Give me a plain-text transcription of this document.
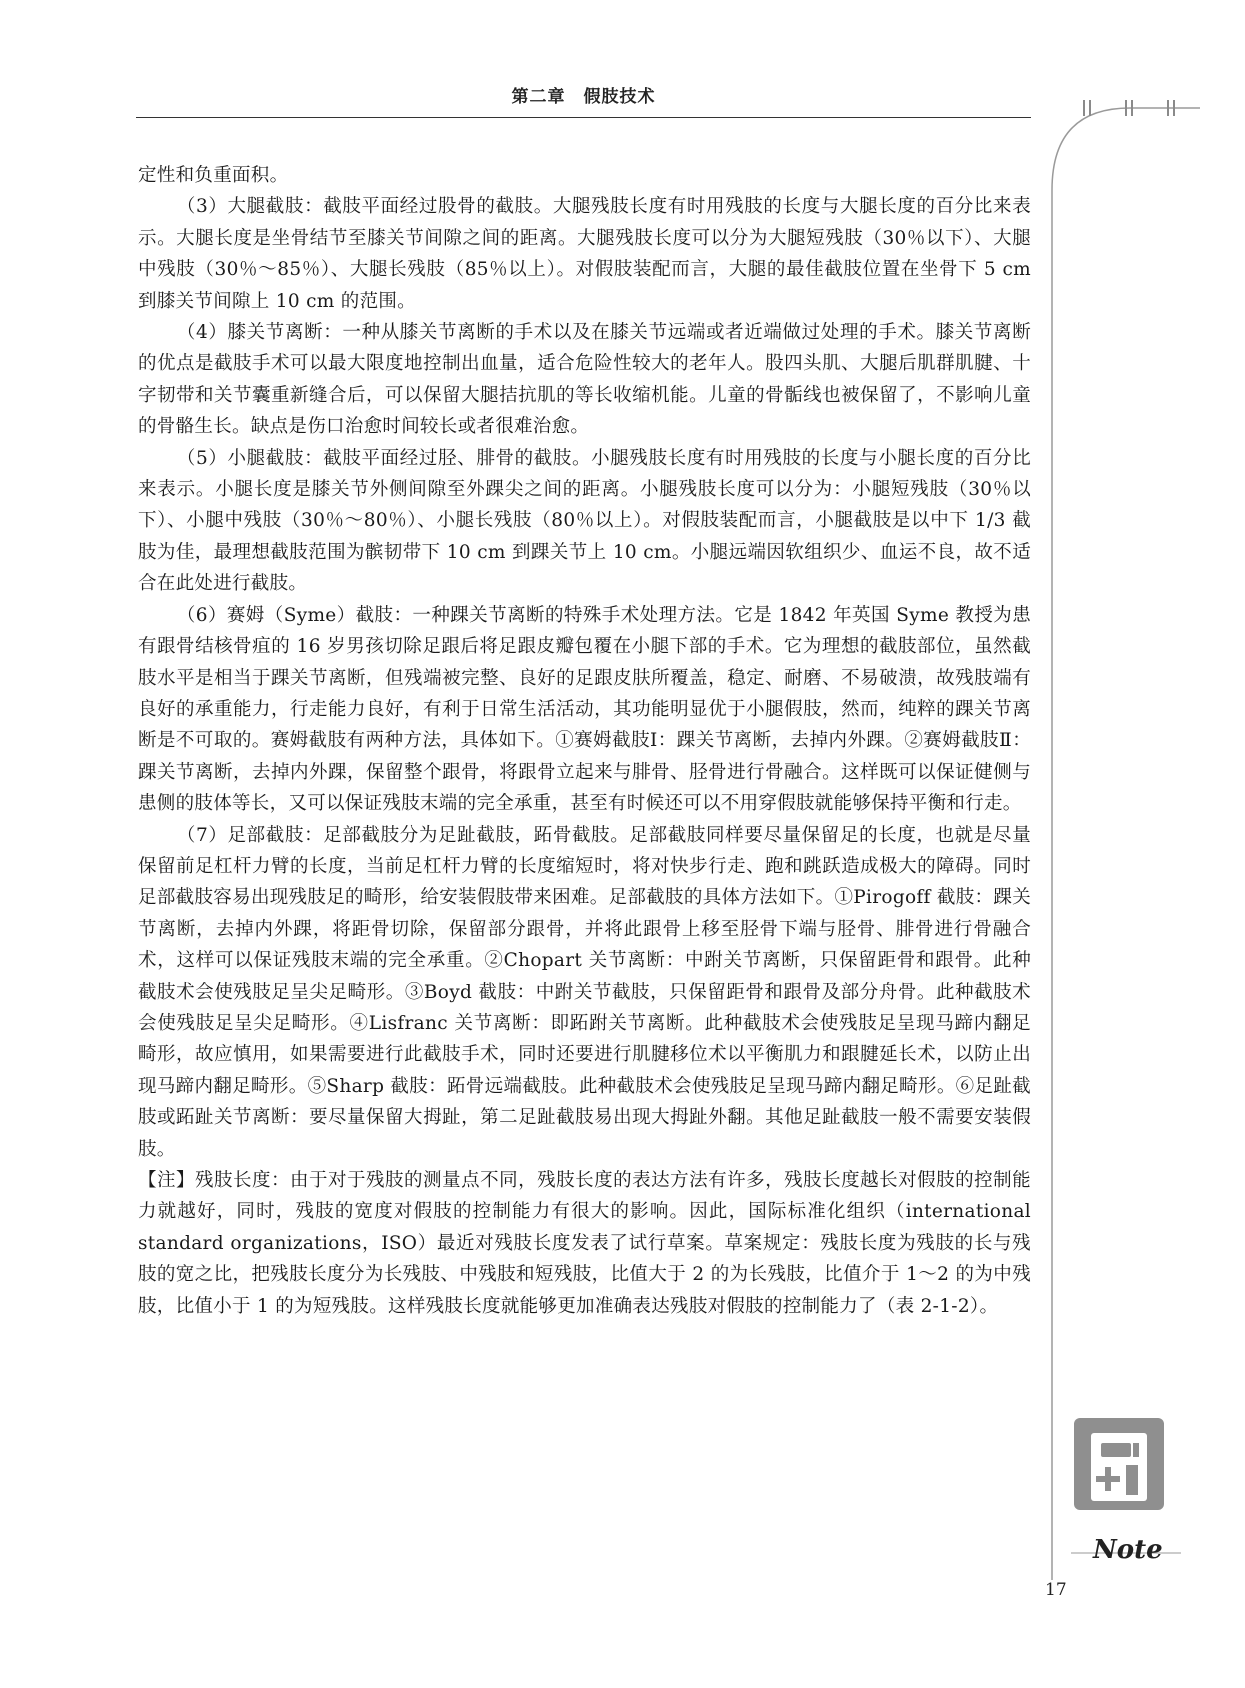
第二章　假肢技术

定性和负重面积。

（3）大腿截肢：截肢平面经过股骨的截肢。大腿残肢长度有时用残肢的长度与大腿长度的百分比来表示。大腿长度是坐骨结节至膝关节间隙之间的距离。大腿残肢长度可以分为大腿短残肢（30％以下）、大腿中残肢（30％～85％）、大腿长残肢（85％以上）。对假肢装配而言，大腿的最佳截肢位置在坐骨下 5 cm 到膝关节间隙上 10 cm 的范围。

（4）膝关节离断：一种从膝关节离断的手术以及在膝关节远端或者近端做过处理的手术。膝关节离断的优点是截肢手术可以最大限度地控制出血量，适合危险性较大的老年人。股四头肌、大腿后肌群肌腱、十字韧带和关节囊重新缝合后，可以保留大腿拮抗肌的等长收缩机能。儿童的骨骺线也被保留了，不影响儿童的骨骼生长。缺点是伤口治愈时间较长或者很难治愈。

（5）小腿截肢：截肢平面经过胫、腓骨的截肢。小腿残肢长度有时用残肢的长度与小腿长度的百分比来表示。小腿长度是膝关节外侧间隙至外踝尖之间的距离。小腿残肢长度可以分为：小腿短残肢（30％以下）、小腿中残肢（30％～80％）、小腿长残肢（80％以上）。对假肢装配而言，小腿截肢是以中下 1/3 截肢为佳，最理想截肢范围为髌韧带下 10 cm 到踝关节上 10 cm。小腿远端因软组织少、血运不良，故不适合在此处进行截肢。

（6）赛姆（Syme）截肢：一种踝关节离断的特殊手术处理方法。它是 1842 年英国 Syme 教授为患有跟骨结核骨疽的 16 岁男孩切除足跟后将足跟皮瓣包覆在小腿下部的手术。它为理想的截肢部位，虽然截肢水平是相当于踝关节离断，但残端被完整、良好的足跟皮肤所覆盖，稳定、耐磨、不易破溃，故残肢端有良好的承重能力，行走能力良好，有利于日常生活活动，其功能明显优于小腿假肢，然而，纯粹的踝关节离断是不可取的。赛姆截肢有两种方法，具体如下。①赛姆截肢Ⅰ：踝关节离断，去掉内外踝。②赛姆截肢Ⅱ：踝关节离断，去掉内外踝，保留整个跟骨，将跟骨立起来与腓骨、胫骨进行骨融合。这样既可以保证健侧与患侧的肢体等长，又可以保证残肢末端的完全承重，甚至有时候还可以不用穿假肢就能够保持平衡和行走。

（7）足部截肢：足部截肢分为足趾截肢，跖骨截肢。足部截肢同样要尽量保留足的长度，也就是尽量保留前足杠杆力臂的长度，当前足杠杆力臂的长度缩短时，将对快步行走、跑和跳跃造成极大的障碍。同时足部截肢容易出现残肢足的畸形，给安装假肢带来困难。足部截肢的具体方法如下。①Pirogoff 截肢：踝关节离断，去掉内外踝，将距骨切除，保留部分跟骨，并将此跟骨上移至胫骨下端与胫骨、腓骨进行骨融合术，这样可以保证残肢末端的完全承重。②Chopart 关节离断：中跗关节离断，只保留距骨和跟骨。此种截肢术会使残肢足呈尖足畸形。③Boyd 截肢：中跗关节截肢，只保留距骨和跟骨及部分舟骨。此种截肢术会使残肢足呈尖足畸形。④Lisfranc 关节离断：即跖跗关节离断。此种截肢术会使残肢足呈现马蹄内翻足畸形，故应慎用，如果需要进行此截肢手术，同时还要进行肌腱移位术以平衡肌力和跟腱延长术，以防止出现马蹄内翻足畸形。⑤Sharp 截肢：跖骨远端截肢。此种截肢术会使残肢足呈现马蹄内翻足畸形。⑥足趾截肢或跖趾关节离断：要尽量保留大拇趾，第二足趾截肢易出现大拇趾外翻。其他足趾截肢一般不需要安装假肢。

【注】残肢长度：由于对于残肢的测量点不同，残肢长度的表达方法有许多，残肢长度越长对假肢的控制能力就越好，同时，残肢的宽度对假肢的控制能力有很大的影响。因此，国际标准化组织（international standard organizations，ISO）最近对残肢长度发表了试行草案。草案规定：残肢长度为残肢的长与残肢的宽之比，把残肢长度分为长残肢、中残肢和短残肢，比值大于 2 的为长残肢，比值介于 1～2 的为中残肢，比值小于 1 的为短残肢。这样残肢长度就能够更加准确表达残肢对假肢的控制能力了（表 2-1-2）。

Note
17
